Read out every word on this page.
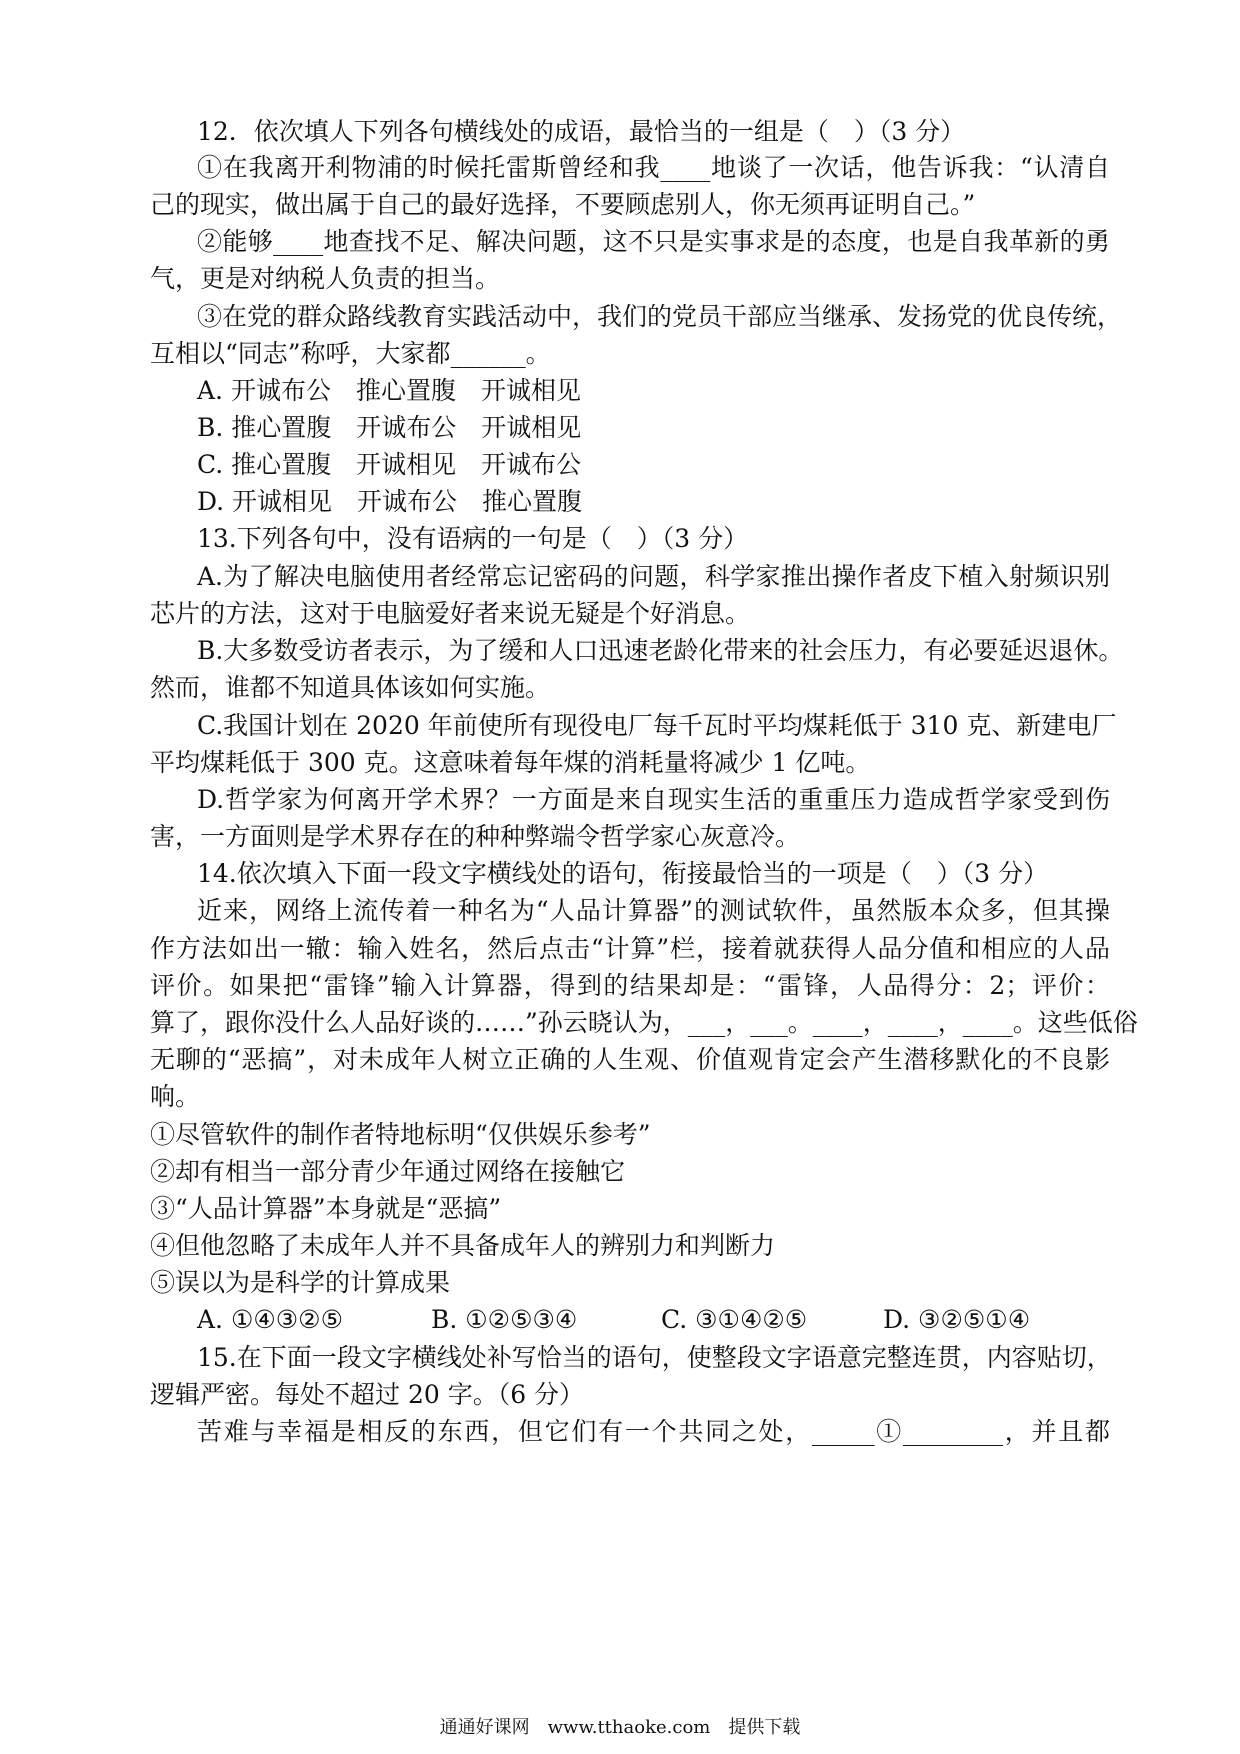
12．依次填人下列各句横线处的成语，最恰当的一组是（　）（3 分）
①在我离开利物浦的时候托雷斯曾经和我____地谈了一次话，他告诉我：“认清自
己的现实，做出属于自己的最好选择，不要顾虑别人，你无须再证明自己。”
②能够____地查找不足、解决问题，这不只是实事求是的态度，也是自我革新的勇
气，更是对纳税人负责的担当。
③在党的群众路线教育实践活动中，我们的党员干部应当继承、发扬党的优良传统，
互相以“同志”称呼，大家都______。
A. 开诚布公　推心置腹　开诚相见
B. 推心置腹　开诚布公　开诚相见
C. 推心置腹　开诚相见　开诚布公
D. 开诚相见　开诚布公　推心置腹
13.下列各句中，没有语病的一句是（　）（3 分）
A.为了解决电脑使用者经常忘记密码的问题，科学家推出操作者皮下植入射频识别
芯片的方法，这对于电脑爱好者来说无疑是个好消息。
B.大多数受访者表示，为了缓和人口迅速老龄化带来的社会压力，有必要延迟退休。
然而，谁都不知道具体该如何实施。
C.我国计划在 2020 年前使所有现役电厂每千瓦时平均煤耗低于 310 克、新建电厂
平均煤耗低于 300 克。这意味着每年煤的消耗量将减少 1 亿吨。
D.哲学家为何离开学术界？一方面是来自现实生活的重重压力造成哲学家受到伤
害，一方面则是学术界存在的种种弊端令哲学家心灰意冷。
14.依次填入下面一段文字横线处的语句，衔接最恰当的一项是（　）（3 分）
近来，网络上流传着一种名为“人品计算器”的测试软件，虽然版本众多，但其操
作方法如出一辙：输入姓名，然后点击“计算”栏，接着就获得人品分值和相应的人品
评价。如果把“雷锋”输入计算器，得到的结果却是：“雷锋，人品得分：2；评价：
算了，跟你没什么人品好谈的……”孙云晓认为，___，___。____，____，____。这些低俗
无聊的“恶搞”，对未成年人树立正确的人生观、价值观肯定会产生潜移默化的不良影
响。
①尽管软件的制作者特地标明“仅供娱乐参考”
②却有相当一部分青少年通过网络在接触它
③“人品计算器”本身就是“恶搞”
④但他忽略了未成年人并不具备成年人的辨别力和判断力
⑤误以为是科学的计算成果
A. ①④③②⑤	B. ①②⑤③④	C. ③①④②⑤	D. ③②⑤①④
15.在下面一段文字横线处补写恰当的语句，使整段文字语意完整连贯，内容贴切，
逻辑严密。每处不超过 20 字。（6 分）
苦难与幸福是相反的东西，但它们有一个共同之处，_____①________，并且都
通通好课网　www.tthaoke.com　提供下载
